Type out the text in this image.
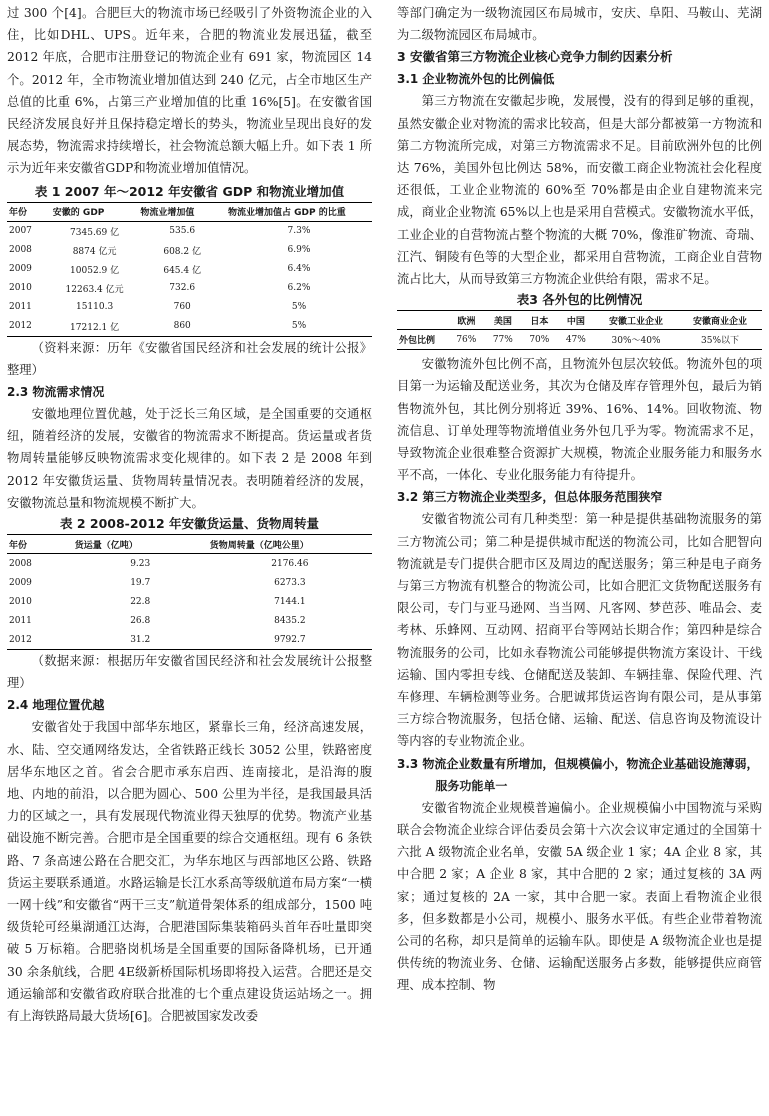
过 300 个[4]。合肥巨大的物流市场已经吸引了外资物流企业的入住，比如DHL、UPS。近年来，合肥的物流业发展迅猛，截至 2012 年底，合肥市注册登记的物流企业有 691 家，物流园区 14 个。2012 年，全市物流业增加值达到 240 亿元，占全市地区生产总值的比重 6%，占第三产业增加值的比重 16%[5]。在安徽省国民经济发展良好并且保持稳定增长的势头，物流业呈现出良好的发展态势，物流需求持续增长，社会物流总额大幅上升。如下表 1 所示为近年来安徽省GDP和物流业增加值情况。

表 1 2007 年～2012 年安徽省 GDP 和物流业增加值
年份	安徽的 GDP	物流业增加值	物流业增加值占 GDP 的比重
2007	7345.69 亿	535.6	7.3%
2008	8874 亿元	608.2 亿	6.9%
2009	10052.9 亿	645.4 亿	6.4%
2010	12263.4 亿元	732.6	6.2%
2011	15110.3	760	5%
2012	17212.1 亿	860	5%

（资料来源：历年《安徽省国民经济和社会发展的统计公报》整理）

2.3 物流需求情况

安徽地理位置优越，处于泛长三角区域，是全国重要的交通枢纽，随着经济的发展，安徽省的物流需求不断提高。货运量或者货物周转量能够反映物流需求变化规律的。如下表 2 是 2008 年到 2012 年安徽货运量、货物周转量情况表。表明随着经济的发展，安徽物流总量和物流规模不断扩大。

表 2 2008-2012 年安徽货运量、货物周转量
年份	货运量（亿吨）	货物周转量（亿吨公里）
2008	9.23	2176.46
2009	19.7	6273.3
2010	22.8	7144.1
2011	26.8	8435.2
2012	31.2	9792.7

（数据来源：根据历年安徽省国民经济和社会发展统计公报整理）

2.4 地理位置优越

安徽省处于我国中部华东地区，紧靠长三角，经济高速发展，水、陆、空交通网络发达，全省铁路正线长 3052 公里，铁路密度居华东地区之首。省会合肥市承东启西、连南接北，是沿海的腹地、内地的前沿，以合肥为圆心、500 公里为半径，是我国最具活力的区域之一，具有发展现代物流业得天独厚的优势。物流产业基础设施不断完善。合肥市是全国重要的综合交通枢纽。现有 6 条铁路、7 条高速公路在合肥交汇，为华东地区与西部地区公路、铁路货运主要联系通道。水路运输是长江水系高等级航道布局方案“一横一网十线”和安徽省“两干三支”航道骨架体系的组成部分，1500 吨级货轮可经巢湖通江达海，合肥港国际集装箱码头首年吞吐量即突破 5 万标箱。合肥骆岗机场是全国重要的国际备降机场，已开通 30 余条航线，合肥 4E级新桥国际机场即将投入运营。合肥还是交通运输部和安徽省政府联合批准的七个重点建设货运站场之一。拥有上海铁路局最大货场[6]。合肥被国家发改委

等部门确定为一级物流园区布局城市，安庆、阜阳、马鞍山、芜湖为二级物流园区布局城市。

3 安徽省第三方物流企业核心竞争力制约因素分析
3.1 企业物流外包的比例偏低

第三方物流在安徽起步晚，发展慢，没有的得到足够的重视，虽然安徽企业对物流的需求比较高，但是大部分都被第一方物流和第二方物流所完成，对第三方物流需求不足。目前欧洲外包的比例达 76%，美国外包比例达 58%，而安徽工商企业物流社会化程度还很低，工业企业物流的 60%至 70%都是由企业自建物流来完成，商业企业物流 65%以上也是采用自营模式。安徽物流水平低，工业企业的自营物流占整个物流的大概 70%，像淮矿物流、奇瑞、江汽、铜陵有色等的大型企业，都采用自营物流，工商企业自营物流占比大，从而导致第三方物流企业供给有限，需求不足。

表3 各外包的比例情况
	欧洲	美国	日本	中国	安徽工业企业	安徽商业企业
外包比例	76%	77%	70%	47%	30%～40%	35%以下

安徽物流外包比例不高，且物流外包层次较低。物流外包的项目第一为运输及配送业务，其次为仓储及库存管理外包，最后为销售物流外包，其比例分别将近 39%、16%、14%。回收物流、物流信息、订单处理等物流增值业务外包几乎为零。物流需求不足，导致物流企业很难整合资源扩大规模，物流企业服务能力和服务水平不高，一体化、专业化服务能力有待提升。

3.2 第三方物流企业类型多，但总体服务范围狭窄

安徽省物流公司有几种类型：第一种是提供基础物流服务的第三方物流公司；第二种是提供城市配送的物流公司，比如合肥智向物流就是专门提供合肥市区及周边的配送服务；第三种是电子商务与第三方物流有机整合的物流公司，比如合肥汇文货物配送服务有限公司，专门与亚马逊网、当当网、凡客网、梦芭莎、唯品会、麦考林、乐蜂网、互动网、招商平台等网站长期合作；第四种是综合物流服务的公司，比如永春物流公司能够提供物流方案设计、干线运输、国内零担专线、仓储配送及装卸、车辆挂靠、保险代理、汽车修理、车辆检测等业务。合肥诚邦货运咨询有限公司，是从事第三方综合物流服务，包括仓储、运输、配送、信息咨询及物流设计等内容的专业物流企业。

3.3 物流企业数量有所增加，但规模偏小，物流企业基础设施薄弱，服务功能单一

安徽省物流企业规模普遍偏小。企业规模偏小中国物流与采购联合会物流企业综合评估委员会第十六次会议审定通过的全国第十六批 A 级物流企业名单，安徽 5A 级企业 1 家；4A 企业 8 家，其中合肥 2 家；A 企业 8 家，其中合肥的 2 家；通过复核的 3A 两家；通过复核的 2A 一家，其中合肥一家。表面上看物流企业很多，但多数都是小公司，规模小、服务水平低。有些企业带着物流公司的名称，却只是简单的运输车队。即使是 A 级物流企业也是提供传统的物流业务、仓储、运输配送服务占多数，能够提供应商管理、成本控制、物
